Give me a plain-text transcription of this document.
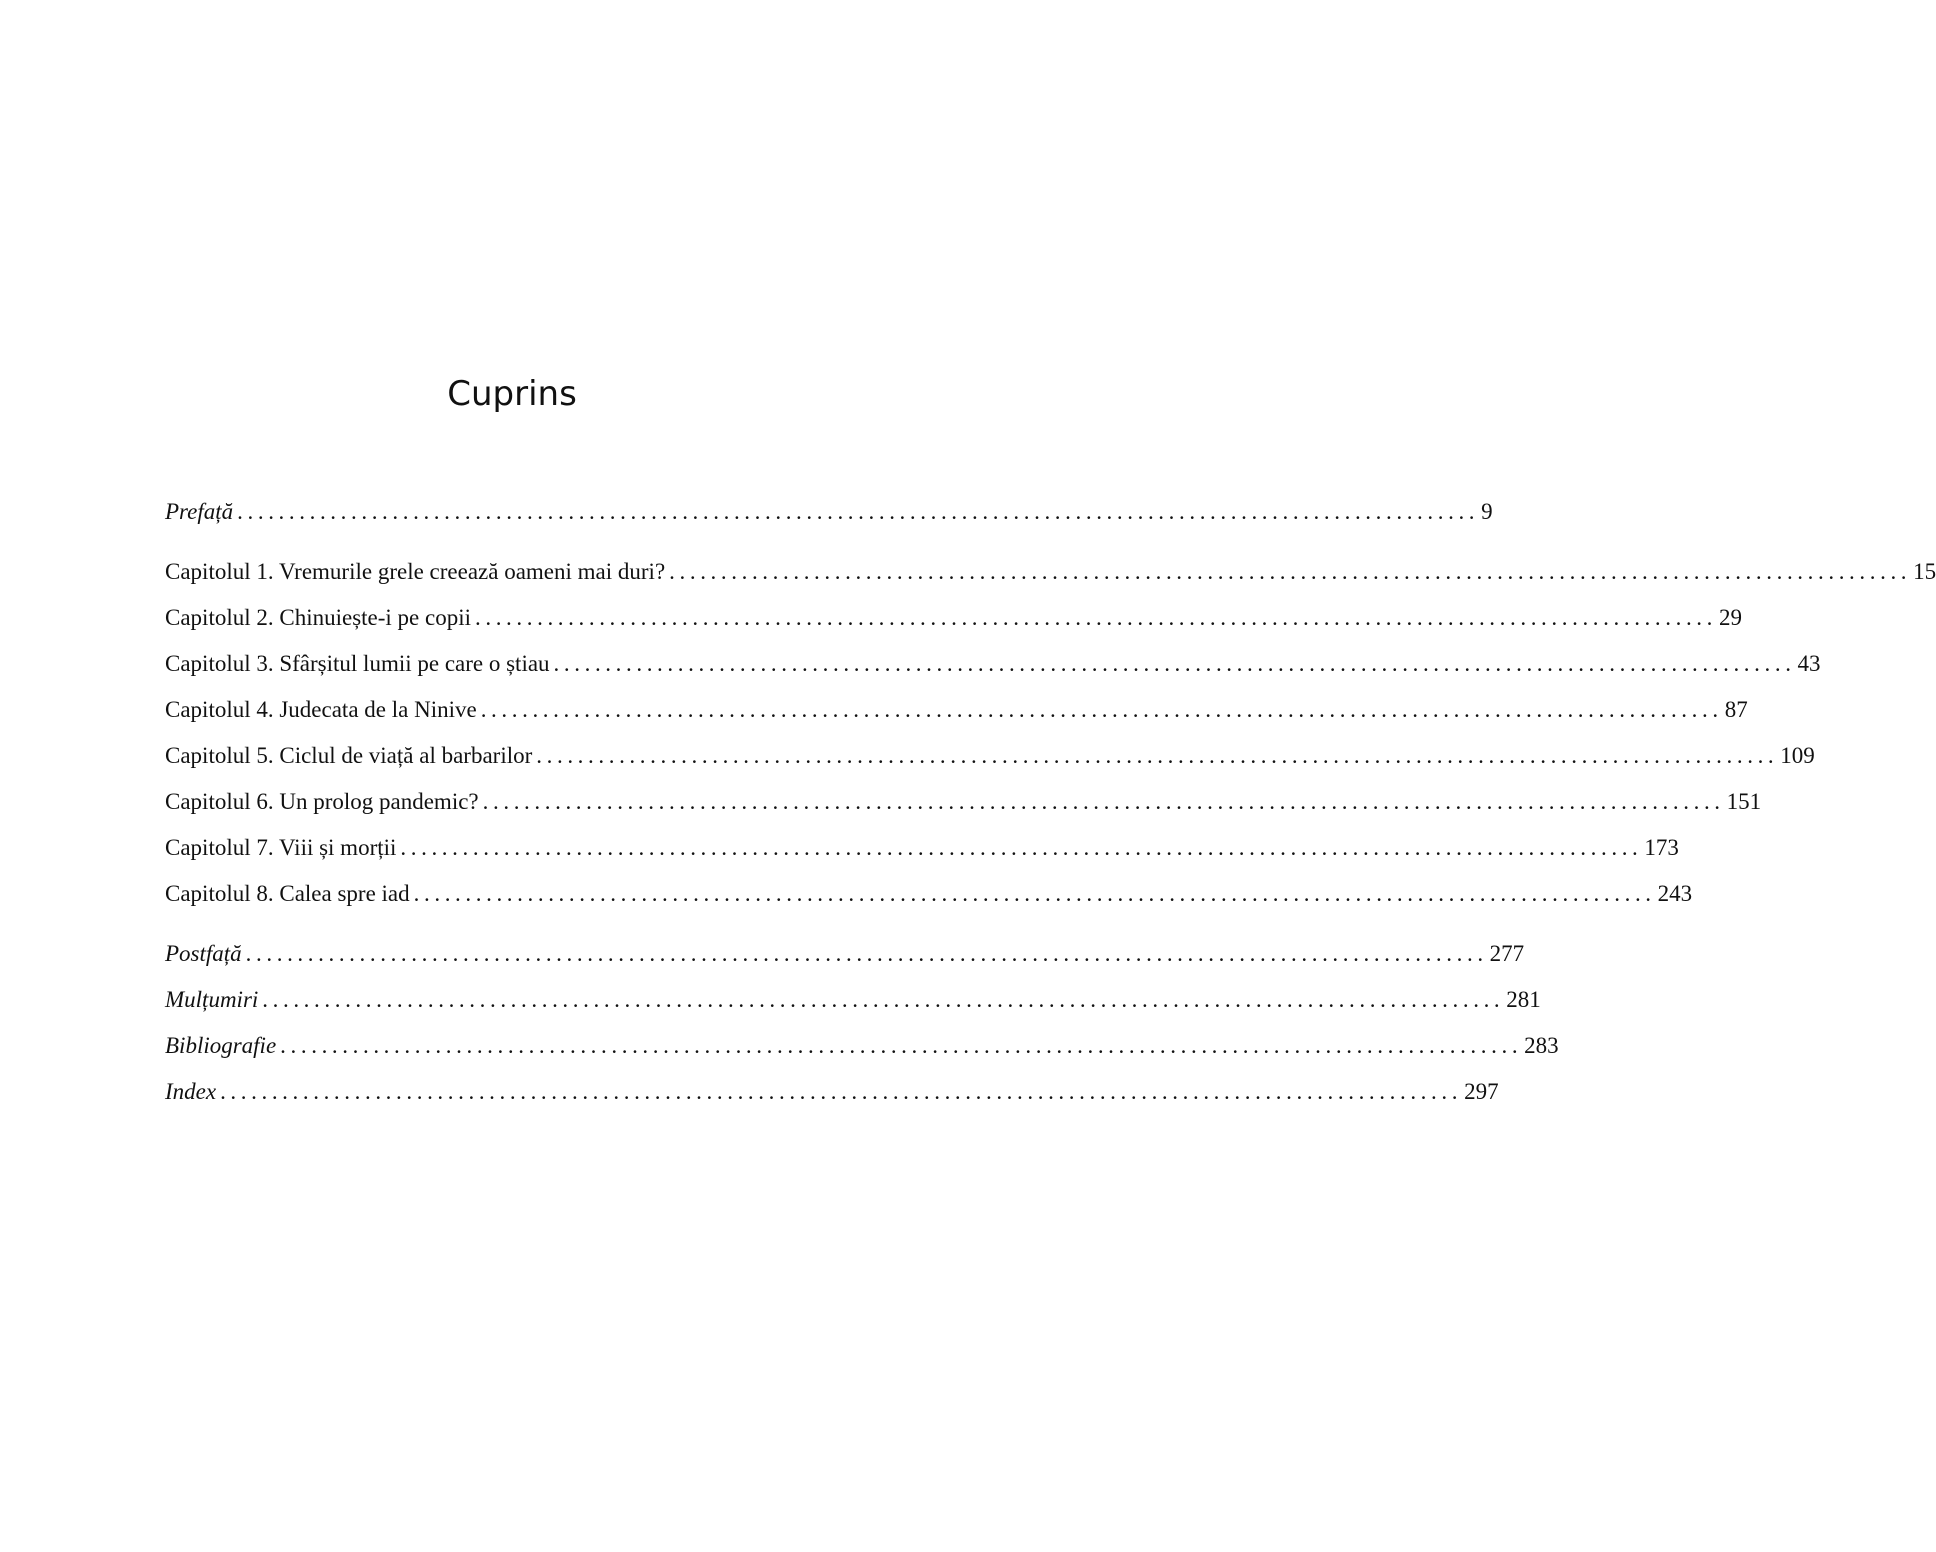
Cuprins
Prefață ........................................................................................................................ 9
Capitolul 1. Vremurile grele creează oameni mai duri? ........................................................................................................................ 15
Capitolul 2. Chinuiește-i pe copii ........................................................................................................................ 29
Capitolul 3. Sfârșitul lumii pe care o știau ........................................................................................................................ 43
Capitolul 4. Judecata de la Ninive ........................................................................................................................ 87
Capitolul 5. Ciclul de viață al barbarilor ........................................................................................................................ 109
Capitolul 6. Un prolog pandemic? ........................................................................................................................ 151
Capitolul 7. Viii și morții ........................................................................................................................ 173
Capitolul 8. Calea spre iad ........................................................................................................................ 243
Postfață ........................................................................................................................ 277
Mulțumiri ........................................................................................................................ 281
Bibliografie ........................................................................................................................ 283
Index ........................................................................................................................ 297
